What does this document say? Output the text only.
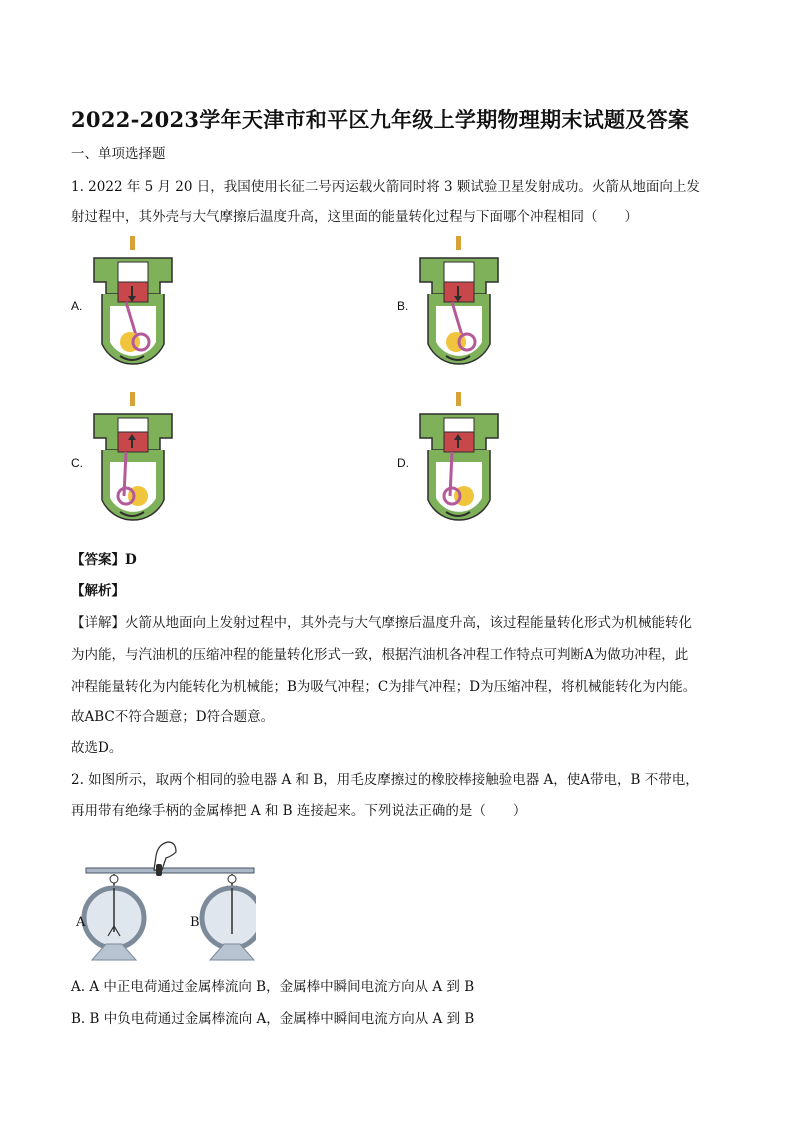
2022-2023学年天津市和平区九年级上学期物理期末试题及答案
一、单项选择题
1. 2022 年 5 月 20 日，我国使用长征二号丙运载火箭同时将 3 颗试验卫星发射成功。火箭从地面向上发
射过程中，其外壳与大气摩擦后温度升高，这里面的能量转化过程与下面哪个冲程相同（　　）
A.	B.
C.	D.
【答案】D
【解析】
【详解】火箭从地面向上发射过程中，其外壳与大气摩擦后温度升高，该过程能量转化形式为机械能转化
为内能，与汽油机的压缩冲程的能量转化形式一致，根据汽油机各冲程工作特点可判断A为做功冲程，此
冲程能量转化为内能转化为机械能；B为吸气冲程；C为排气冲程；D为压缩冲程，将机械能转化为内能。
故ABC不符合题意；D符合题意。
故选D。
2. 如图所示，取两个相同的验电器 A 和 B，用毛皮摩擦过的橡胶棒接触验电器 A，使A带电，B 不带电，
再用带有绝缘手柄的金属棒把 A 和 B 连接起来。下列说法正确的是（　　）
A	B
A. A 中正电荷通过金属棒流向 B，金属棒中瞬间电流方向从 A 到 B
B. B 中负电荷通过金属棒流向 A，金属棒中瞬间电流方向从 A 到 B
